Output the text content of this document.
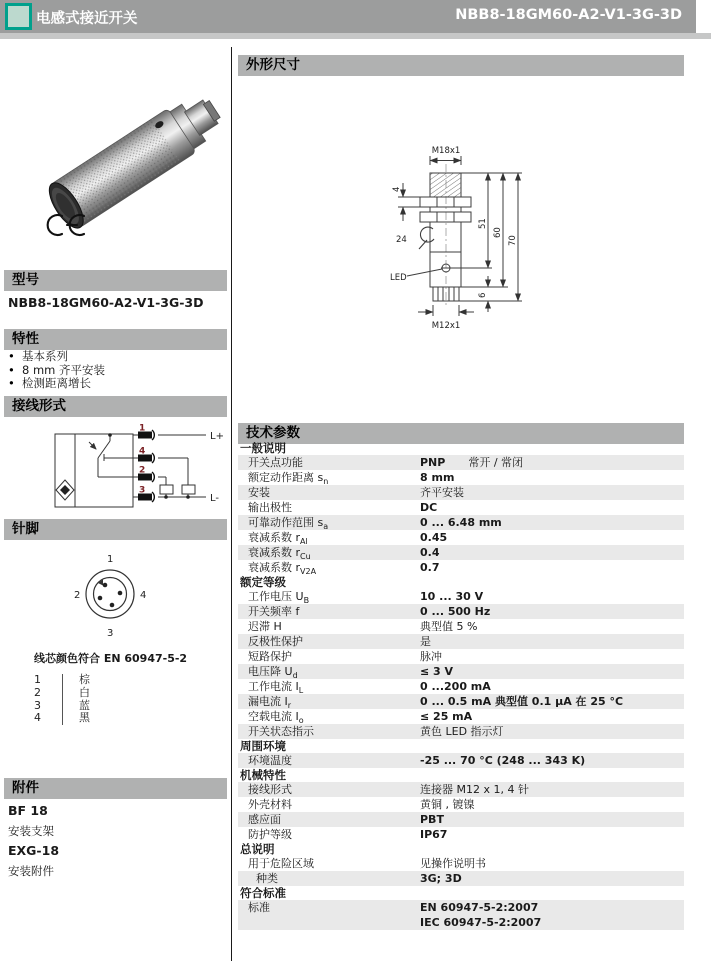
电感式接近开关	NBB8-18GM60-A2-V1-3G-3D
型号
NBB8-18GM60-A2-V1-3G-3D
特性
• 基本系列
• 8 mm 齐平安装
• 检测距离增长
接线形式
1
4
2
3
L+
L-
针脚
1
2	4
3
线芯颜色符合 EN 60947-5-2
1	棕
2	白
3	蓝
4	黑
附件
BF 18
安装支架
EXG-18
安装附件
外形尺寸
M18x1
M12x1
LED
24
4
51
60
70
6
技术参数
一般说明
开关点功能	PNP 常开 / 常闭
额定动作距离 $s_n$	8 mm
安装	齐平安装
输出极性	DC
可靠动作范围 $s_a$	0 ... 6.48 mm
衰减系数 $r_{Al}$	0.45
衰减系数 $r_{Cu}$	0.4
衰减系数 $r_{V2A}$	0.7
额定等级
工作电压 $U_B$	10 ... 30 V
开关频率 f	0 ... 500 Hz
迟滞 H	典型值 5 %
反极性保护	是
短路保护	脉冲
电压降 $U_d$	≤ 3 V
工作电流 $I_L$	0 ...200 mA
漏电流 $I_r$	0 ... 0.5 mA 典型值 0.1 μA 在 25 °C
空载电流 $I_o$	≤ 25 mA
开关状态指示	黄色 LED 指示灯
周围环境
环境温度	-25 ... 70 °C (248 ... 343 K)
机械特性
接线形式	连接器 M12 x 1, 4 针
外壳材料	黄铜 , 镀镍
感应面	PBT
防护等级	IP67
总说明
用于危险区域	见操作说明书
种类	3G; 3D
符合标准
标准	EN 60947-5-2:2007
IEC 60947-5-2:2007
